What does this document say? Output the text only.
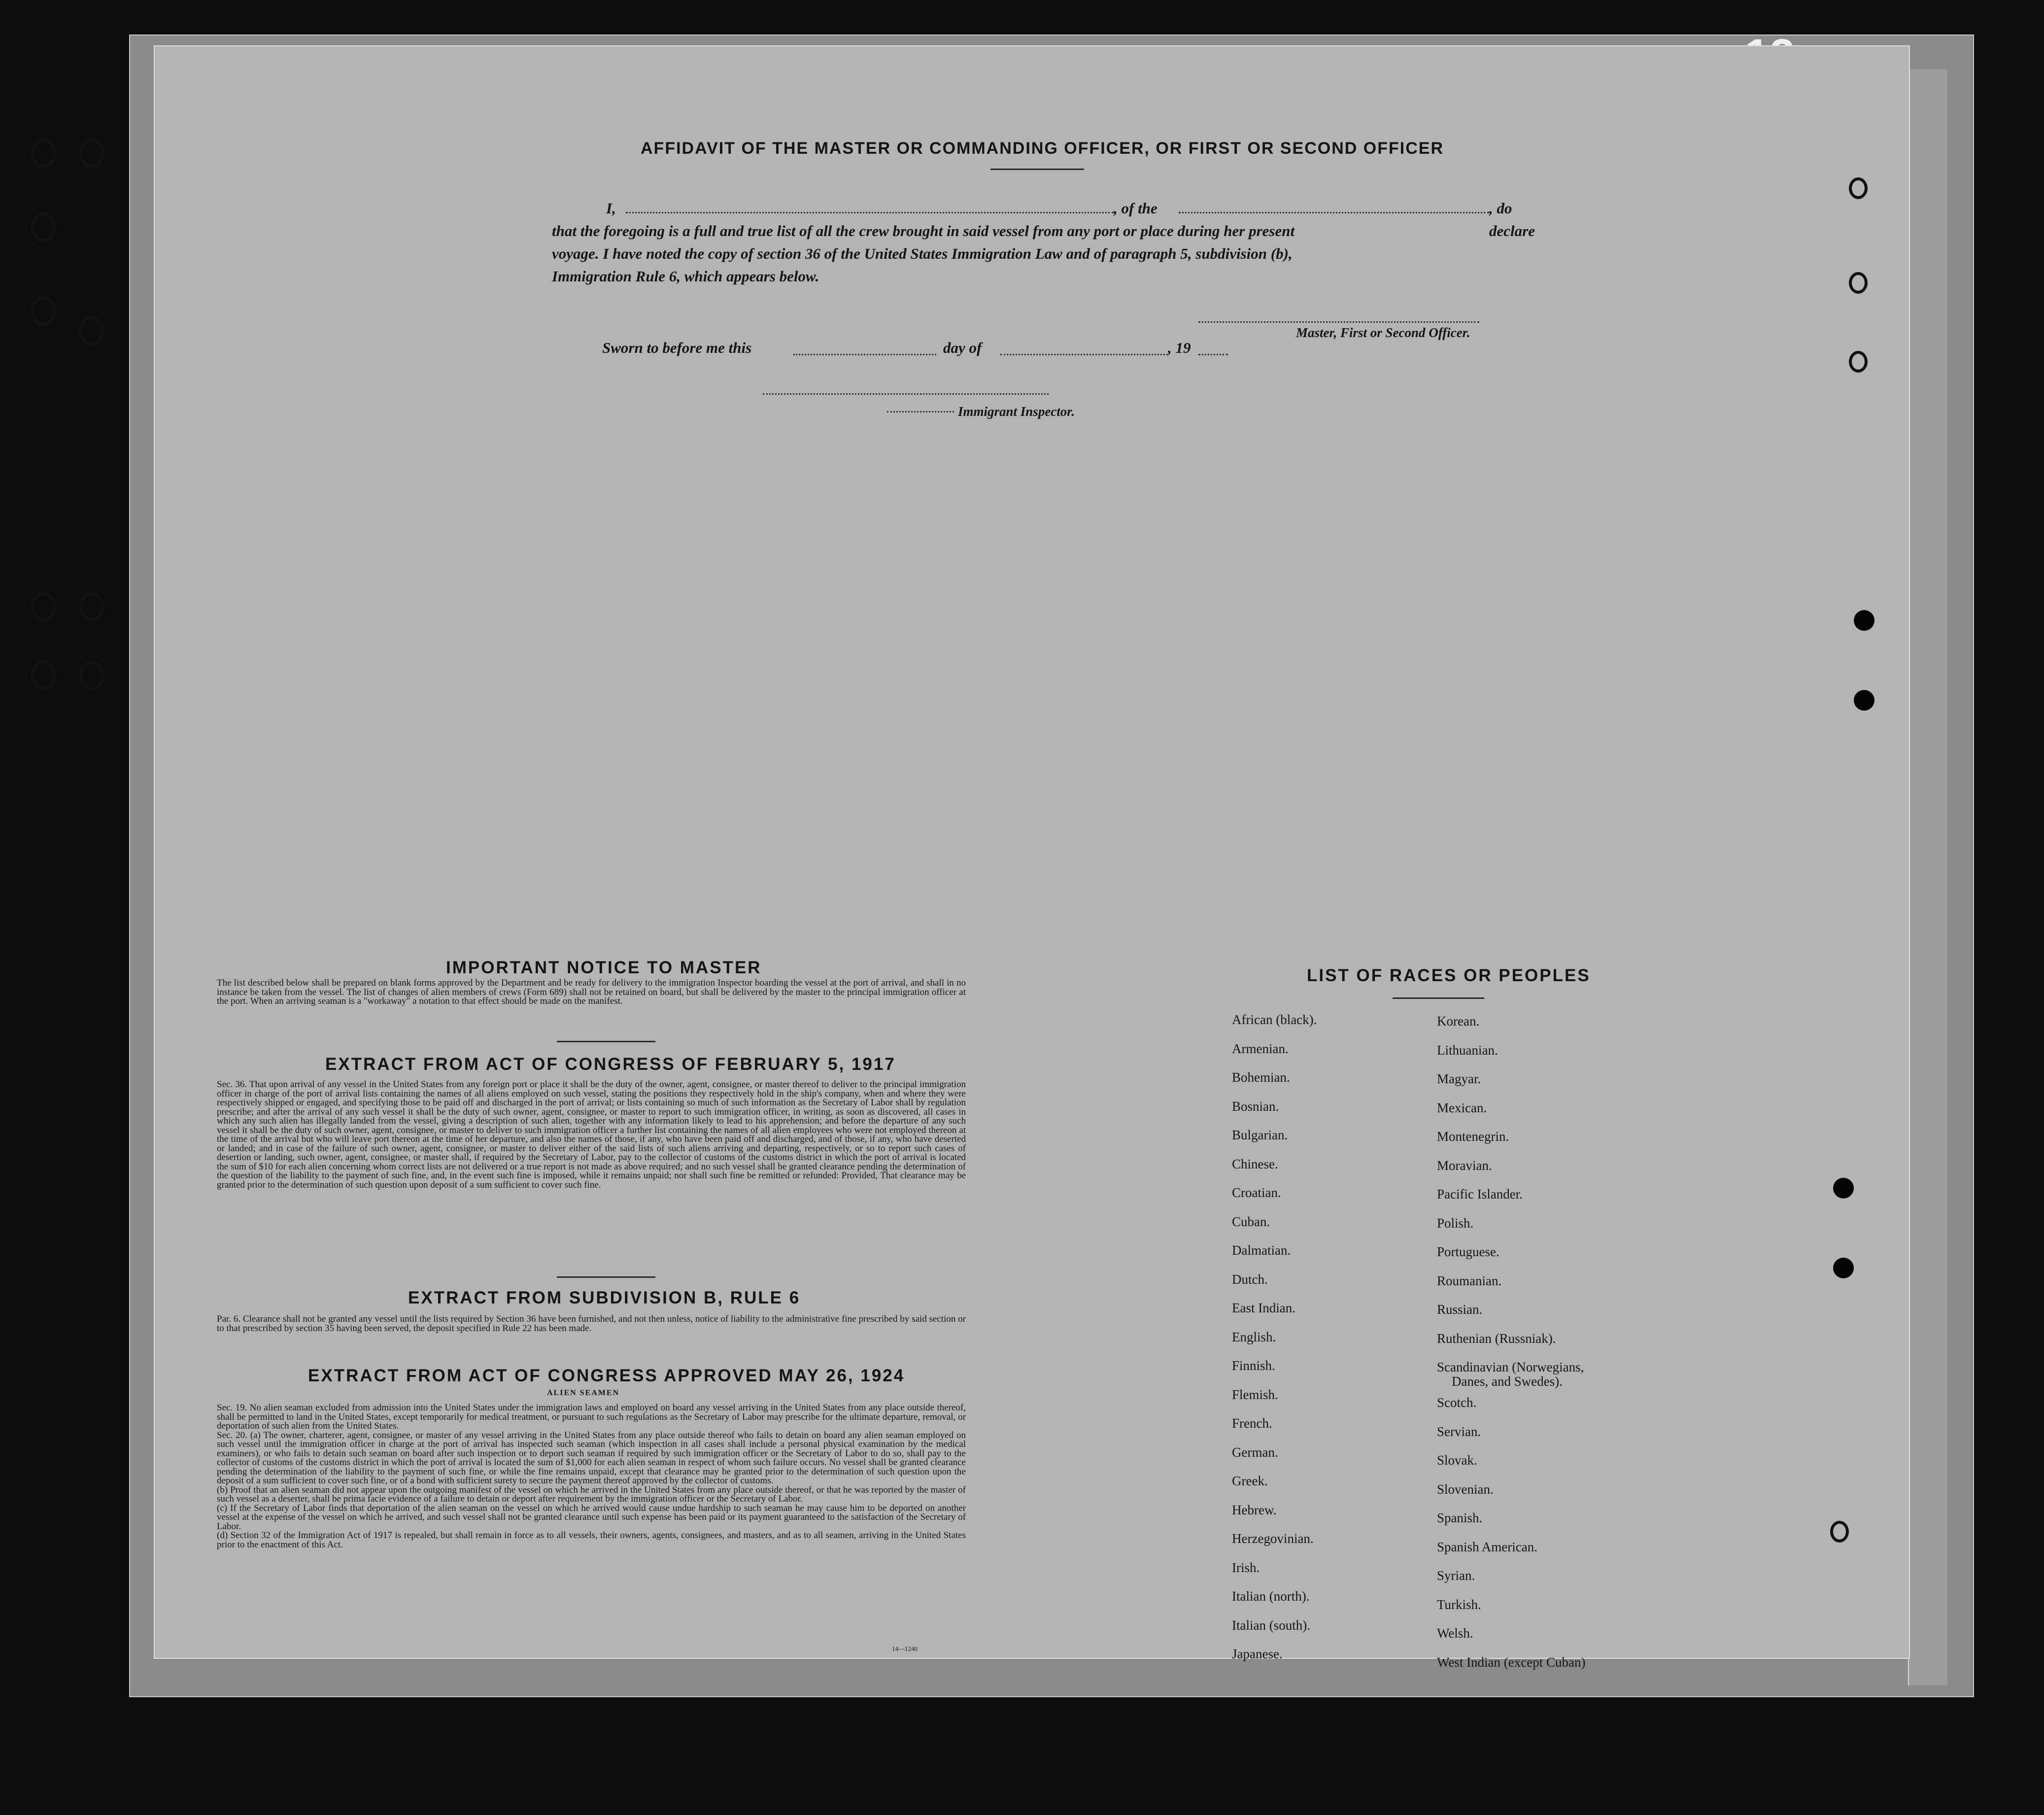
AFFIDAVIT OF THE MASTER OR COMMANDING OFFICER, OR FIRST OR SECOND OFFICER
I,	, of the	, do declare
that the foregoing is a full and true list of all the crew brought in said vessel from any port or place during her present
voyage. I have noted the copy of section 36 of the United States Immigration Law and of paragraph 5, subdivision (b),
Immigration Rule 6, which appears below.
Master, First or Second Officer.
Sworn to before me this	day of	, 19
Immigrant Inspector.
IMPORTANT NOTICE TO MASTER
The list described below shall be prepared on blank forms approved by the Department and be ready for delivery to the immigration Inspector boarding the vessel at the port of arrival, and shall in no instance be taken from the vessel. The list of changes of alien members of crews (Form 689) shall not be retained on board, but shall be delivered by the master to the principal immigration officer at the port. When an arriving seaman is a "workaway" a notation to that effect should be made on the manifest.
EXTRACT FROM ACT OF CONGRESS OF FEBRUARY 5, 1917
Sec. 36. That upon arrival of any vessel in the United States from any foreign port or place it shall be the duty of the owner, agent, consignee, or master thereof to deliver to the principal immigration officer in charge of the port of arrival lists containing the names of all aliens employed on such vessel, stating the positions they respectively hold in the ship's company, when and where they were respectively shipped or engaged, and specifying those to be paid off and discharged in the port of arrival; or lists containing so much of such information as the Secretary of Labor shall by regulation prescribe; and after the arrival of any such vessel it shall be the duty of such owner, agent, consignee, or master to report to such immigration officer, in writing, as soon as discovered, all cases in which any such alien has illegally landed from the vessel, giving a description of such alien, together with any information likely to lead to his apprehension; and before the departure of any such vessel it shall be the duty of such owner, agent, consignee, or master to deliver to such immigration officer a further list containing the names of all alien employees who were not employed thereon at the time of the arrival but who will leave port thereon at the time of her departure, and also the names of those, if any, who have been paid off and discharged, and of those, if any, who have deserted or landed; and in case of the failure of such owner, agent, consignee, or master to deliver either of the said lists of such aliens arriving and departing, respectively, or so to report such cases of desertion or landing, such owner, agent, consignee, or master shall, if required by the Secretary of Labor, pay to the collector of customs of the customs district in which the port of arrival is located the sum of $10 for each alien concerning whom correct lists are not delivered or a true report is not made as above required; and no such vessel shall be granted clearance pending the determination of the question of the liability to the payment of such fine, and, in the event such fine is imposed, while it remains unpaid; nor shall such fine be remitted or refunded: Provided, That clearance may be granted prior to the determination of such question upon deposit of a sum sufficient to cover such fine.
EXTRACT FROM SUBDIVISION B, RULE 6
Par. 6. Clearance shall not be granted any vessel until the lists required by Section 36 have been furnished, and not then unless, notice of liability to the administrative fine prescribed by said section or to that prescribed by section 35 having been served, the deposit specified in Rule 22 has been made.
EXTRACT FROM ACT OF CONGRESS APPROVED MAY 26, 1924
ALIEN SEAMEN
Sec. 19. No alien seaman excluded from admission into the United States under the immigration laws and employed on board any vessel arriving in the United States from any place outside thereof, shall be permitted to land in the United States, except temporarily for medical treatment, or pursuant to such regulations as the Secretary of Labor may prescribe for the ultimate departure, removal, or deportation of such alien from the United States.
Sec. 20. (a) The owner, charterer, agent, consignee, or master of any vessel arriving in the United States from any place outside thereof who fails to detain on board any alien seaman employed on such vessel until the immigration officer in charge at the port of arrival has inspected such seaman (which inspection in all cases shall include a personal physical examination by the medical examiners), or who fails to detain such seaman on board after such inspection or to deport such seaman if required by such immigration officer or the Secretary of Labor to do so, shall pay to the collector of customs of the customs district in which the port of arrival is located the sum of $1,000 for each alien seaman in respect of whom such failure occurs. No vessel shall be granted clearance pending the determination of the liability to the payment of such fine, or while the fine remains unpaid, except that clearance may be granted prior to the determination of such question upon the deposit of a sum sufficient to cover such fine, or of a bond with sufficient surety to secure the payment thereof approved by the collector of customs.
(b) Proof that an alien seaman did not appear upon the outgoing manifest of the vessel on which he arrived in the United States from any place outside thereof, or that he was reported by the master of such vessel as a deserter, shall be prima facie evidence of a failure to detain or deport after requirement by the immigration officer or the Secretary of Labor.
(c) If the Secretary of Labor finds that deportation of the alien seaman on the vessel on which he arrived would cause undue hardship to such seaman he may cause him to be deported on another vessel at the expense of the vessel on which he arrived, and such vessel shall not be granted clearance until such expense has been paid or its payment guaranteed to the satisfaction of the Secretary of Labor.
(d) Section 32 of the Immigration Act of 1917 is repealed, but shall remain in force as to all vessels, their owners, agents, consignees, and masters, and as to all seamen, arriving in the United States prior to the enactment of this Act.
14—1240
LIST OF RACES OR PEOPLES
African (black).
Armenian.
Bohemian.
Bosnian.
Bulgarian.
Chinese.
Croatian.
Cuban.
Dalmatian.
Dutch.
East Indian.
English.
Finnish.
Flemish.
French.
German.
Greek.
Hebrew.
Herzegovinian.
Irish.
Italian (north).
Italian (south).
Japanese.
Korean.
Lithuanian.
Magyar.
Mexican.
Montenegrin.
Moravian.
Pacific Islander.
Polish.
Portuguese.
Roumanian.
Russian.
Ruthenian (Russniak).
Scandinavian (Norwegians,
Danes, and Swedes).
Scotch.
Servian.
Slovak.
Slovenian.
Spanish.
Spanish American.
Syrian.
Turkish.
Welsh.
West Indian (except Cuban)
